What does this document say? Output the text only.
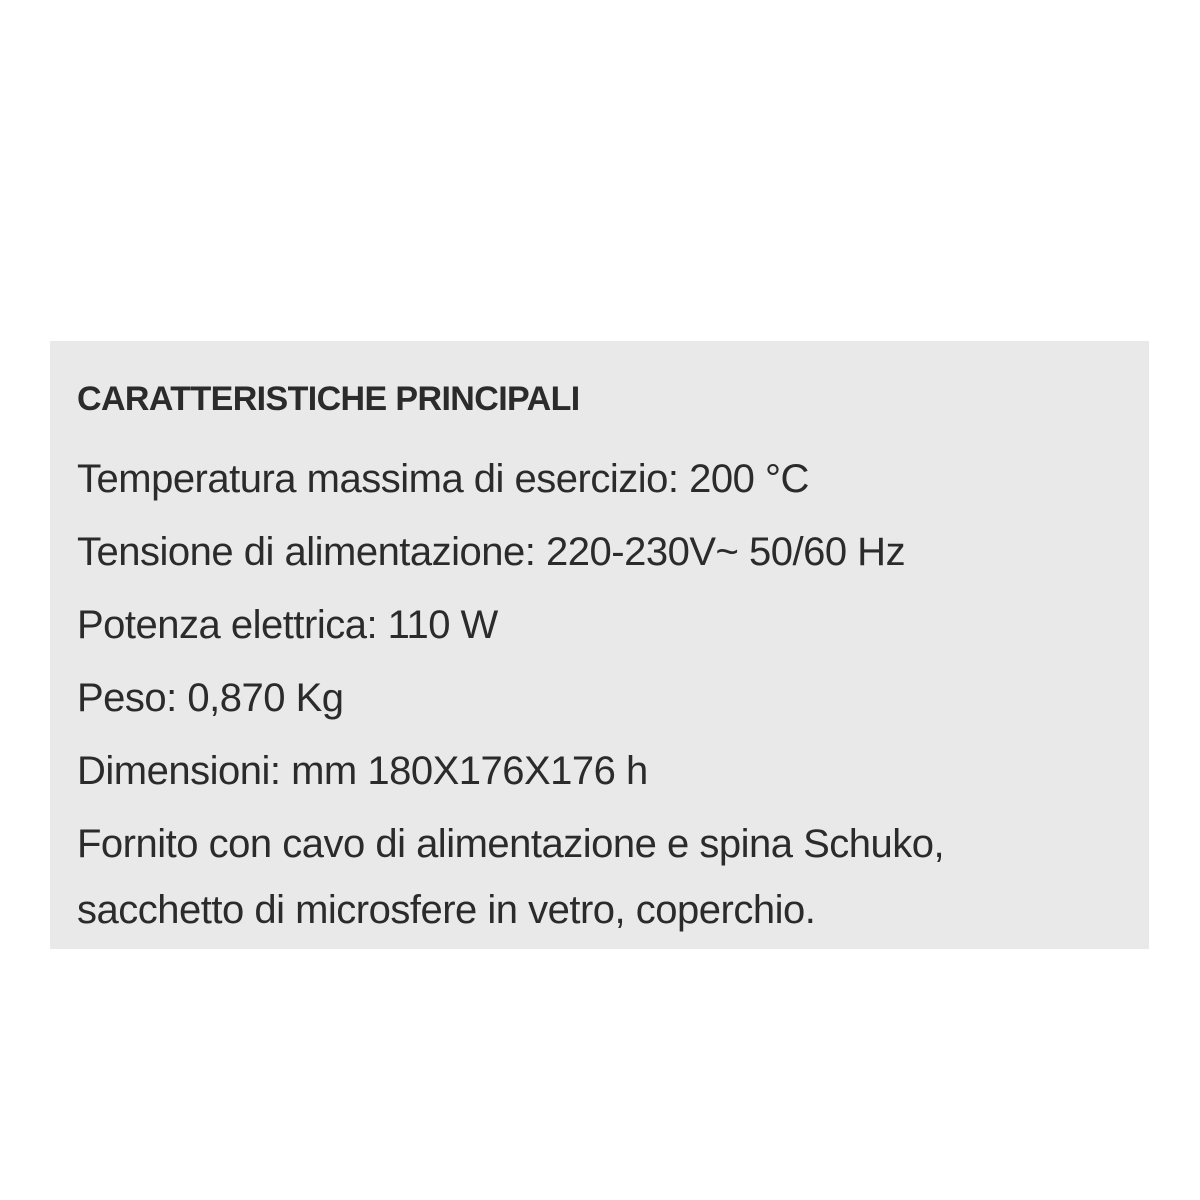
CARATTERISTICHE PRINCIPALI
Temperatura massima di esercizio: 200 °C
Tensione di alimentazione: 220-230V~ 50/60 Hz
Potenza elettrica: 110 W
Peso: 0,870 Kg
Dimensioni: mm 180X176X176 h
Fornito con cavo di alimentazione e spina Schuko,
sacchetto di microsfere in vetro, coperchio.
